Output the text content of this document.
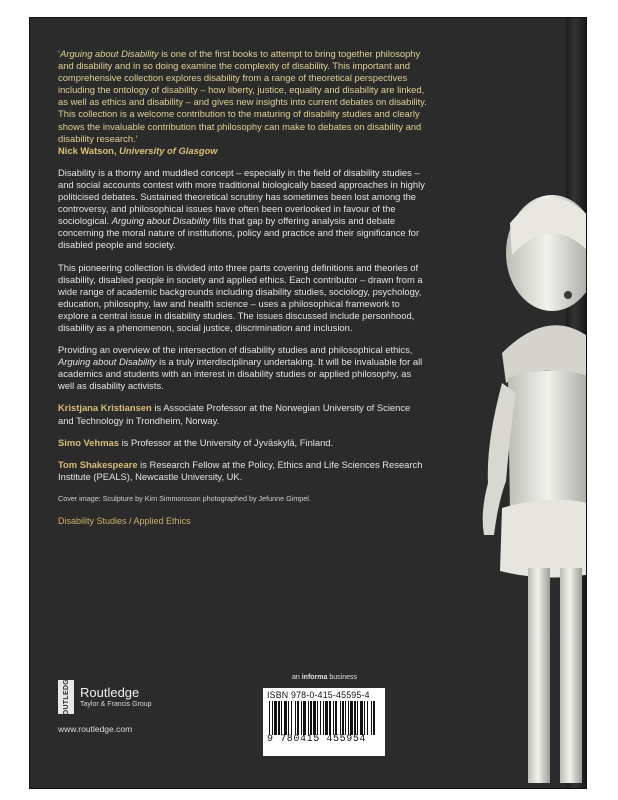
‘Arguing about Disability is one of the first books to attempt to bring together philosophy and disability and in so doing examine the complexity of disability. This important and comprehensive collection explores disability from a range of theoretical perspectives including the ontology of disability – how liberty, justice, equality and disability are linked, as well as ethics and disability – and gives new insights into current debates on disability. This collection is a welcome contribution to the maturing of disability studies and clearly shows the invaluable contribution that philosophy can make to debates on disability and disability research.’
Nick Watson, University of Glasgow

Disability is a thorny and muddled concept – especially in the field of disability studies – and social accounts contest with more traditional biologically based approaches in highly politicised debates. Sustained theoretical scrutiny has sometimes been lost among the controversy, and philosophical issues have often been overlooked in favour of the sociological. Arguing about Disability fills that gap by offering analysis and debate concerning the moral nature of institutions, policy and practice and their significance for disabled people and society.

This pioneering collection is divided into three parts covering definitions and theories of disability, disabled people in society and applied ethics. Each contributor – drawn from a wide range of academic backgrounds including disability studies, sociology, psychology, education, philosophy, law and health science – uses a philosophical framework to explore a central issue in disability studies. The issues discussed include personhood, disability as a phenomenon, social justice, discrimination and inclusion.

Providing an overview of the intersection of disability studies and philosophical ethics, Arguing about Disability is a truly interdisciplinary undertaking. It will be invaluable for all academics and students with an interest in disability studies or applied philosophy, as well as disability activists.

Kristjana Kristiansen is Associate Professor at the Norwegian University of Science and Technology in Trondheim, Norway.

Simo Vehmas is Professor at the University of Jyväskylä, Finland.

Tom Shakespeare is Research Fellow at the Policy, Ethics and Life Sciences Research Institute (PEALS), Newcastle University, UK.

Cover image: Sculpture by Kim Simmonsson photographed by Jefunne Gimpel.
Disability Studies / Applied Ethics
an informa business
ISBN 978-0-415-45595-4
9 780415 455954
ROUTLEDGE Routledge
Taylor & Francis Group
www.routledge.com
